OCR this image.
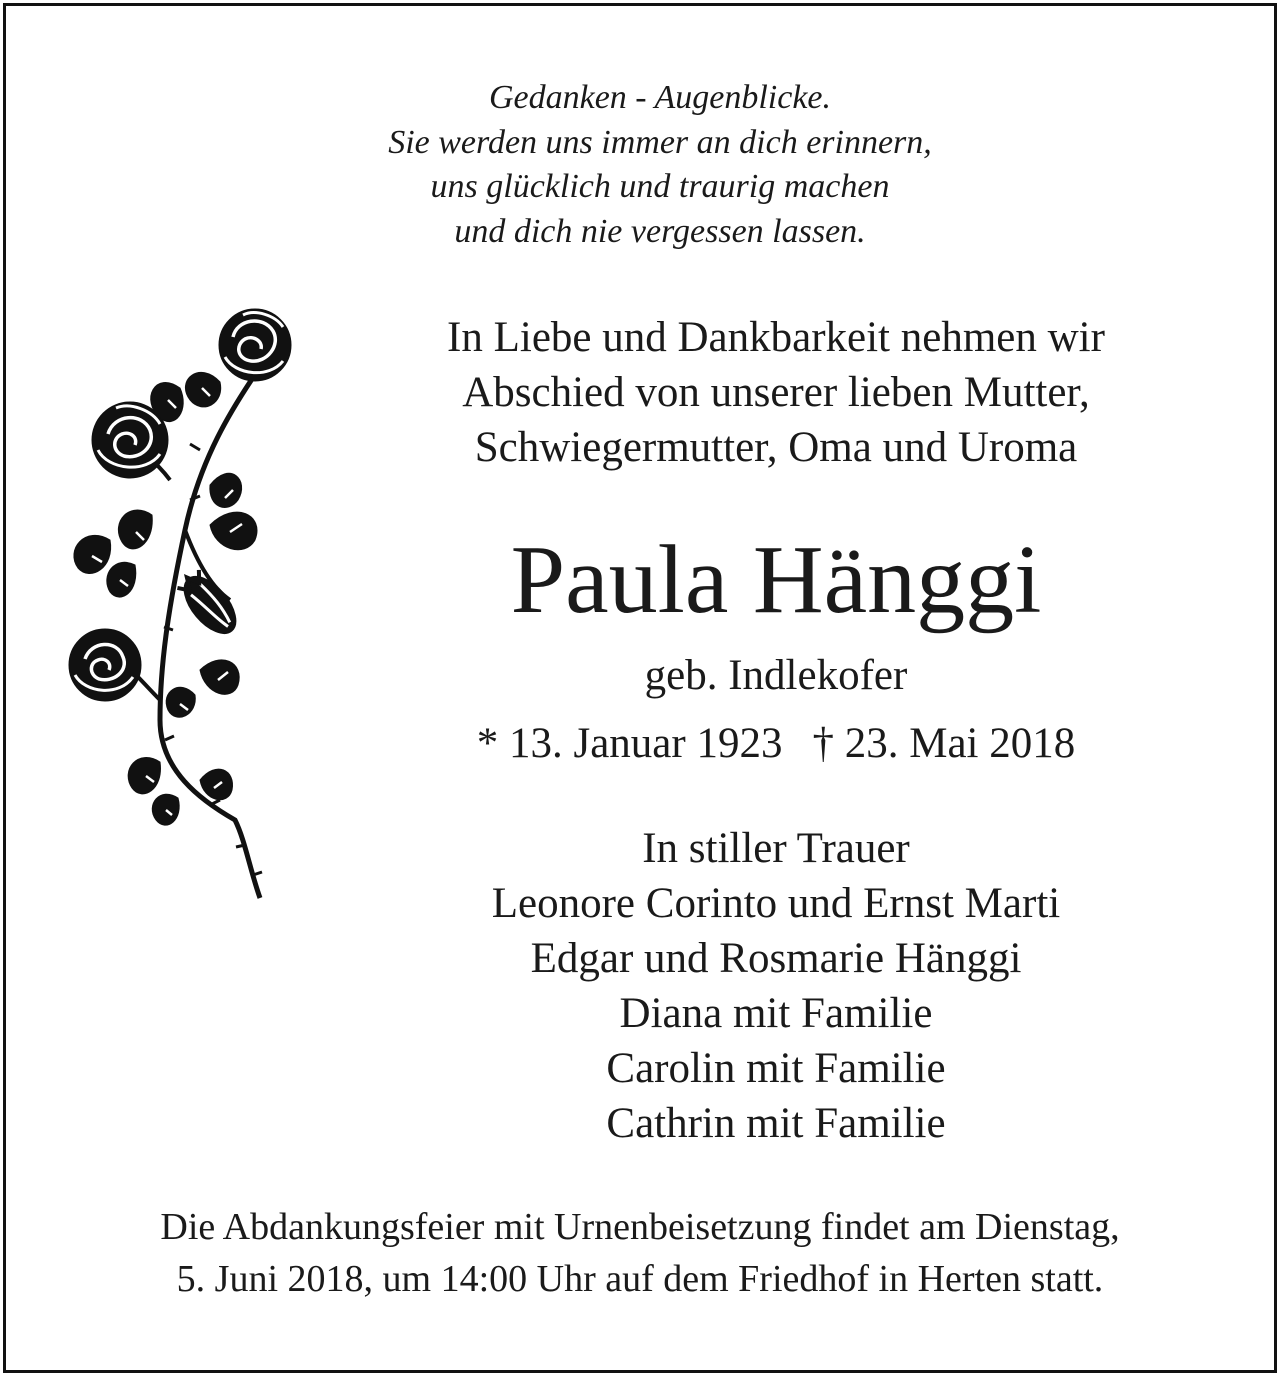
Gedanken - Augenblicke.
Sie werden uns immer an dich erinnern,
uns glücklich und traurig machen
und dich nie vergessen lassen.
In Liebe und Dankbarkeit nehmen wir
Abschied von unserer lieben Mutter,
Schwiegermutter, Oma und Uroma
Paula Hänggi
geb. Indlekofer
* 13. Januar 1923 † 23. Mai 2018
In stiller Trauer
Leonore Corinto und Ernst Marti
Edgar und Rosmarie Hänggi
Diana mit Familie
Carolin mit Familie
Cathrin mit Familie
Die Abdankungsfeier mit Urnenbeisetzung findet am Dienstag,
5. Juni 2018, um 14:00 Uhr auf dem Friedhof in Herten statt.
